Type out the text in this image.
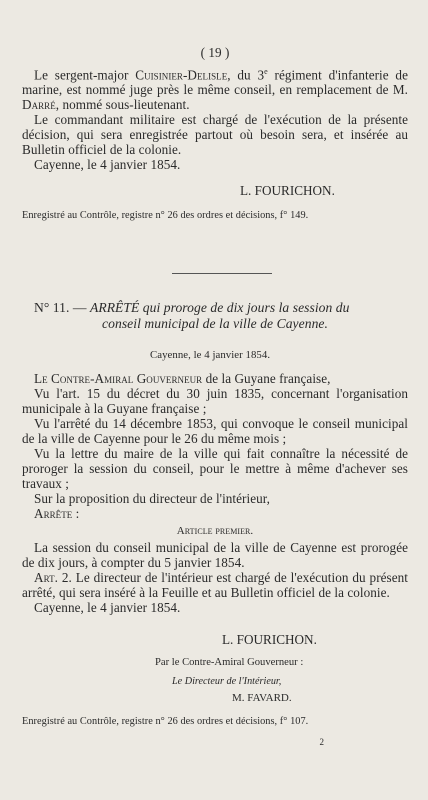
( 19 )

Le sergent-major Cuisinier-Delisle, du 3e régiment d'infanterie de marine, est nommé juge près le même conseil, en remplacement de M. Darré, nommé sous-lieutenant.

Le commandant militaire est chargé de l'exécution de la présente décision, qui sera enregistrée partout où besoin sera, et insérée au Bulletin officiel de la colonie.

Cayenne, le 4 janvier 1854.

L. FOURICHON.
Enregistré au Contrôle, registre n° 26 des ordres et décisions, f° 149.

N° 11. — ARRÊTÉ qui proroge de dix jours la session du

conseil municipal de la ville de Cayenne.

Cayenne, le 4 janvier 1854.

Le Contre-Amiral Gouverneur de la Guyane française,

Vu l'art. 15 du décret du 30 juin 1835, concernant l'organisation municipale à la Guyane française ;

Vu l'arrêté du 14 décembre 1853, qui convoque le conseil municipal de la ville de Cayenne pour le 26 du même mois ;

Vu la lettre du maire de la ville qui fait connaître la nécessité de proroger la session du conseil, pour le mettre à même d'achever ses travaux ;

Sur la proposition du directeur de l'intérieur,

Arrête :

Article premier.

La session du conseil municipal de la ville de Cayenne est prorogée de dix jours, à compter du 5 janvier 1854.

Art. 2. Le directeur de l'intérieur est chargé de l'exécution du présent arrêté, qui sera inséré à la Feuille et au Bulletin officiel de la colonie.

Cayenne, le 4 janvier 1854.

L. FOURICHON.
Par le Contre-Amiral Gouverneur :
Le Directeur de l'Intérieur,
M. FAVARD.
Enregistré au Contrôle, registre n° 26 des ordres et décisions, f° 107.
2
